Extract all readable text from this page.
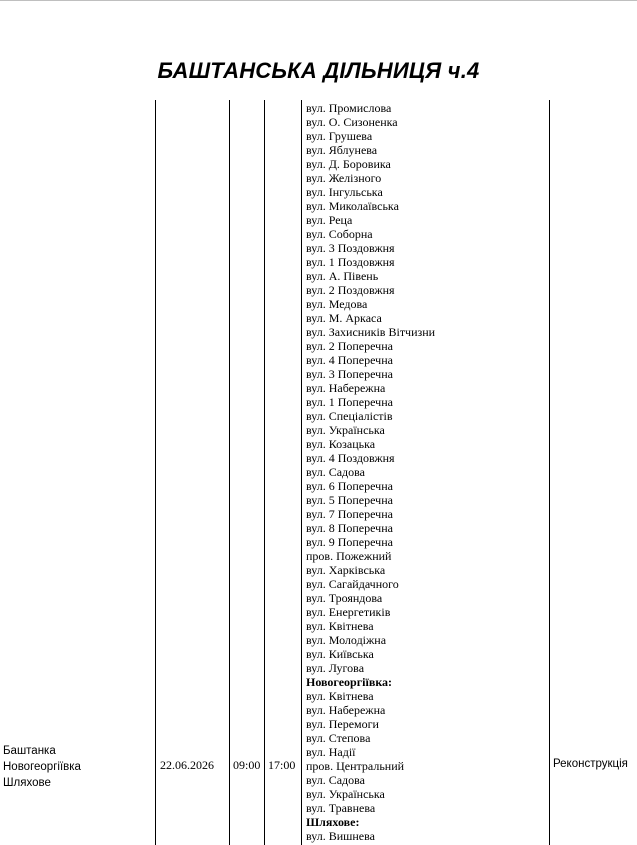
БАШТАНСЬКА ДІЛЬНИЦЯ ч.4
Баштанка
Новогеоргіївка
Шляхове
22.06.2026 09:00 17:00	Реконструкція
вул. Промислова
вул. О. Сизоненка
вул. Грушева
вул. Яблунева
вул. Д. Боровика
вул. Желізного
вул. Інгульська
вул. Миколаївська
вул. Реца
вул. Соборна
вул. 3 Поздовжня
вул. 1 Поздовжня
вул. А. Півень
вул. 2 Поздовжня
вул. Медова
вул. М. Аркаса
вул. Захисників Вітчизни
вул. 2 Поперечна
вул. 4 Поперечна
вул. 3 Поперечна
вул. Набережна
вул. 1 Поперечна
вул. Спеціалістів
вул. Українська
вул. Козацька
вул. 4 Поздовжня
вул. Садова
вул. 6 Поперечна
вул. 5 Поперечна
вул. 7 Поперечна
вул. 8 Поперечна
вул. 9 Поперечна
пров. Пожежний
вул. Харківська
вул. Сагайдачного
вул. Трояндова
вул. Енергетиків
вул. Квітнева
вул. Молодіжна
вул. Київська
вул. Лугова
Новогеоргіївка:
вул. Квітнева
вул. Набережна
вул. Перемоги
вул. Степова
вул. Надії
пров. Центральний
вул. Садова
вул. Українська
вул. Травнева
Шляхове:
вул. Вишнева
